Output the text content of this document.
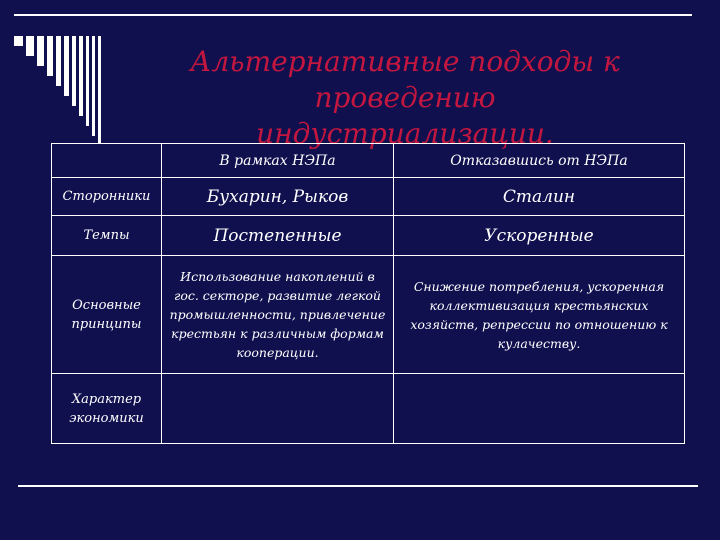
Альтернативные подходы к
проведению индустриализации.
	В рамках НЭПа	Отказавшись от НЭПа
Сторонники	Бухарин, Рыков	Сталин
Темпы	Постепенные	Ускоренные
Основные принципы	Использование накоплений в гос. секторе, развитие легкой промышленности, привлечение крестьян к различным формам кооперации.	Снижение потребления, ускоренная коллективизация крестьянских хозяйств, репрессии по отношению к кулачеству.
Характер экономики		
